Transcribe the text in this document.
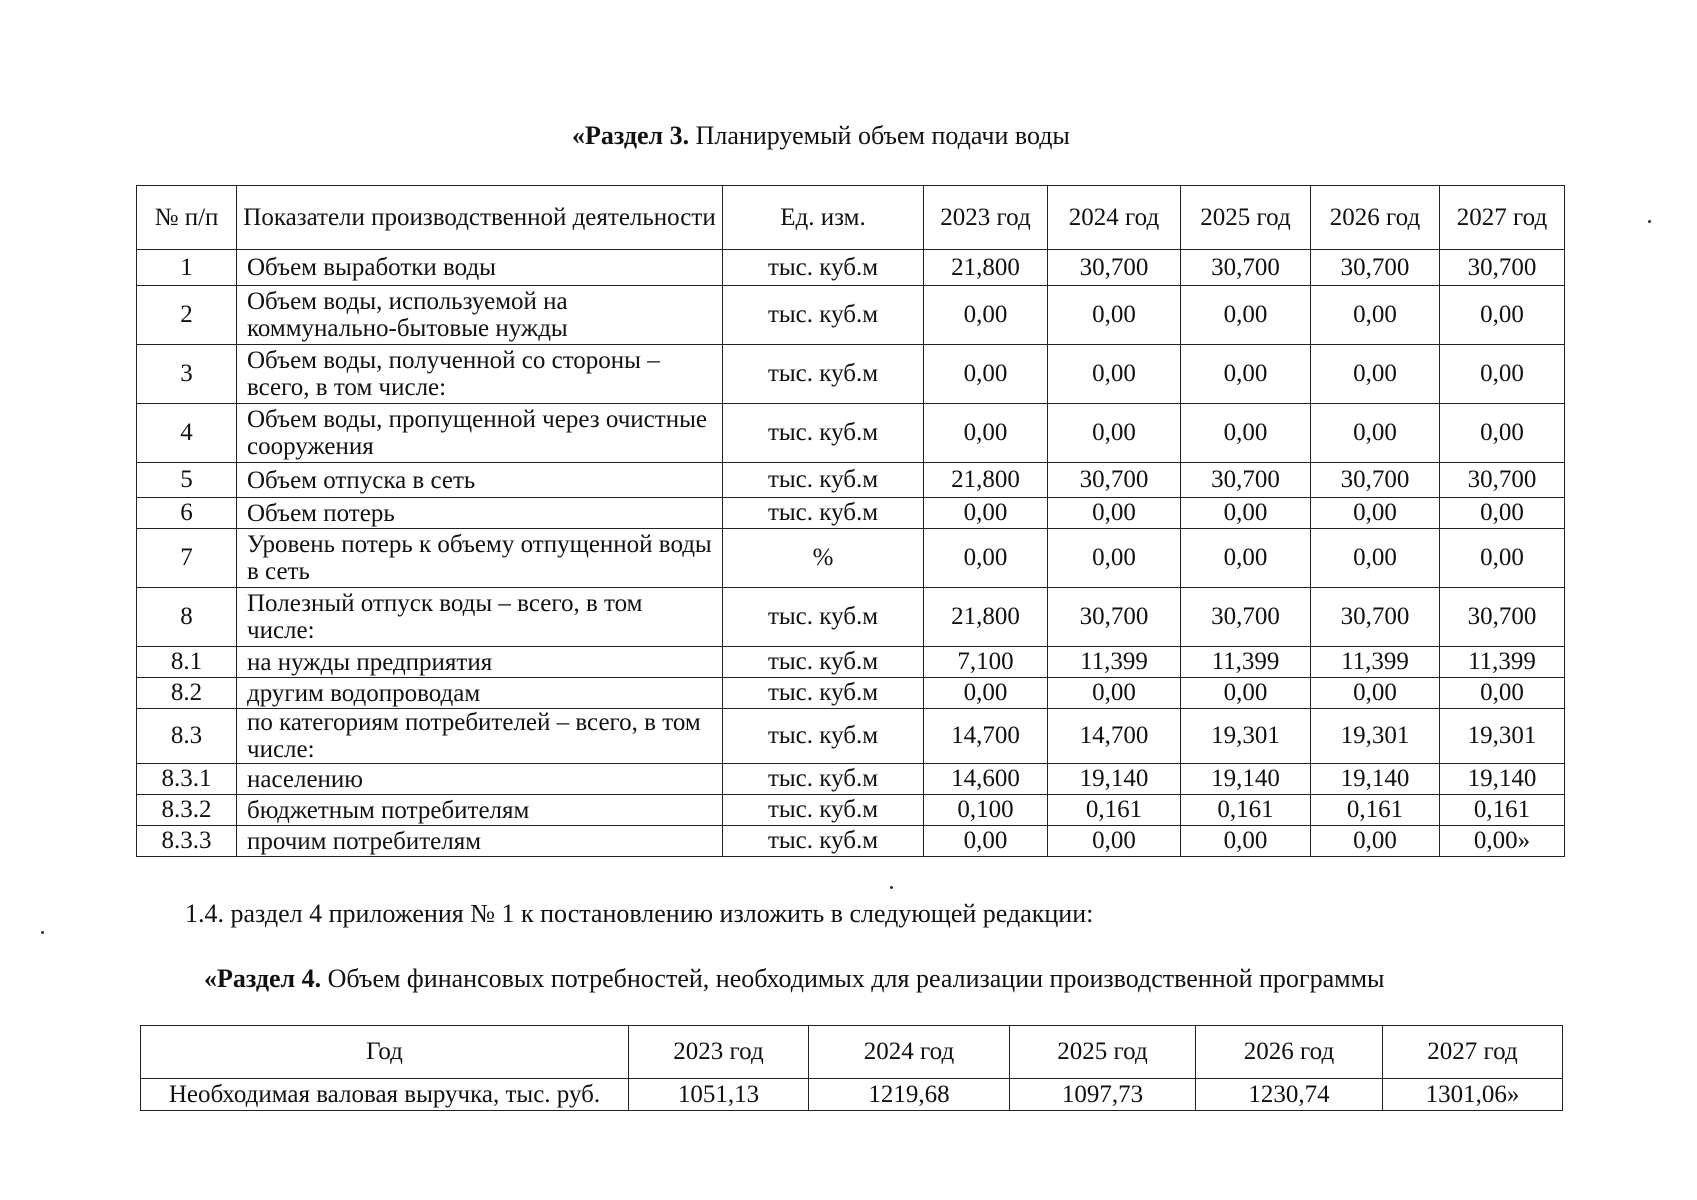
«Раздел 3. Планируемый объем подачи воды
№ п/п	Показатели производственной деятельности	Ед. изм.	2023 год	2024 год	2025 год	2026 год	2027 год
1	Объем выработки воды	тыс. куб.м	21,800	30,700	30,700	30,700	30,700
2	Объем воды, используемой на коммунально-бытовые нужды	тыс. куб.м	0,00	0,00	0,00	0,00	0,00
3	Объем воды, полученной со стороны – всего, в том числе:	тыс. куб.м	0,00	0,00	0,00	0,00	0,00
4	Объем воды, пропущенной через очистные сооружения	тыс. куб.м	0,00	0,00	0,00	0,00	0,00
5	Объем отпуска в сеть	тыс. куб.м	21,800	30,700	30,700	30,700	30,700
6	Объем потерь	тыс. куб.м	0,00	0,00	0,00	0,00	0,00
7	Уровень потерь к объему отпущенной воды в сеть	%	0,00	0,00	0,00	0,00	0,00
8	Полезный отпуск воды – всего, в том числе:	тыс. куб.м	21,800	30,700	30,700	30,700	30,700
8.1	на нужды предприятия	тыс. куб.м	7,100	11,399	11,399	11,399	11,399
8.2	другим водопроводам	тыс. куб.м	0,00	0,00	0,00	0,00	0,00
8.3	по категориям потребителей – всего, в том числе:	тыс. куб.м	14,700	14,700	19,301	19,301	19,301
8.3.1	населению	тыс. куб.м	14,600	19,140	19,140	19,140	19,140
8.3.2	бюджетным потребителям	тыс. куб.м	0,100	0,161	0,161	0,161	0,161
8.3.3	прочим потребителям	тыс. куб.м	0,00	0,00	0,00	0,00	0,00»
1.4. раздел 4 приложения № 1 к постановлению изложить в следующей редакции:
«Раздел 4. Объем финансовых потребностей, необходимых для реализации производственной программы
Год	2023 год	2024 год	2025 год	2026 год	2027 год
Необходимая валовая выручка, тыс. руб.	1051,13	1219,68	1097,73	1230,74	1301,06»
